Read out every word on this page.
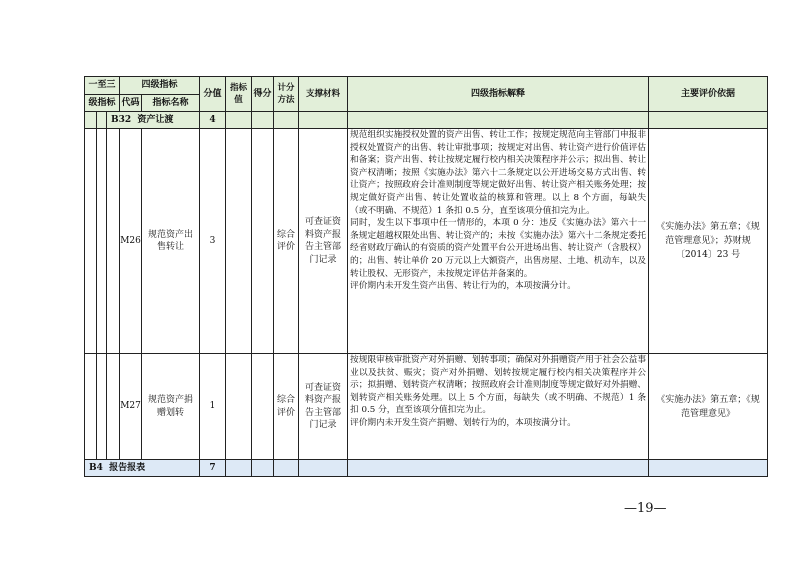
一至三			四级指标		分值	指标值	得分	计分方法	支撑材料	四级指标解释	主要评价依据
级指标			代码	指标名称							
		B32 资产让渡			4						
			M26	规范资产出售转让	3			综合评价	可查证资料资产报告主管部门记录	规范组织实施授权处置的资产出售、转让工作；按规定规范向主管部门申报非授权处置资产的出售、转让审批事项；按规定对出售、转让资产进行价值评估和备案；资产出售、转让按规定履行校内相关决策程序并公示；拟出售、转让资产权清晰；按照《实施办法》第六十二条规定以公开进场交易方式出售、转让资产；按照政府会计准则制度等规定做好出售、转让资产相关账务处理；按规定做好资产出售、转让处置收益的核算和管理。以上 8 个方面，每缺失（或不明确、不规范）1 条扣 0.5 分，直至该项分值扣完为止。
同时，发生以下事项中任一情形的，本项 0 分：违反《实施办法》第六十一条规定超越权限处出售、转让资产的；未按《实施办法》第六十二条规定委托经省财政厅确认的有资质的资产处置平台公开进场出售、转让资产（含股权）的；出售、转让单价 20 万元以上大额资产，出售房屋、土地、机动车，以及转让股权、无形资产，未按规定评估并备案的。
评价期内未开发生资产出售、转让行为的，本项按满分计。	《实施办法》第五章；《规范管理意见》；苏财规〔2014〕23 号
			M27	规范资产捐赠划转	1			综合评价	可查证资料资产报告主管部门记录	按规限审核审批资产对外捐赠、划转事项；确保对外捐赠资产用于社会公益事业以及扶贫、赈灾；资产对外捐赠、划转按规定履行校内相关决策程序并公示；拟捐赠、划转资产权清晰；按照政府会计准则制度等规定做好对外捐赠、划转资产相关账务处理。以上 5 个方面，每缺失（或不明确、不规范）1 条扣 0.5 分，直至该项分值扣完为止。
评价期内未开发生资产捐赠、划转行为的，本项按满分计。	《实施办法》第五章；《规范管理意见》
B4 报告报表					7						
—19—
